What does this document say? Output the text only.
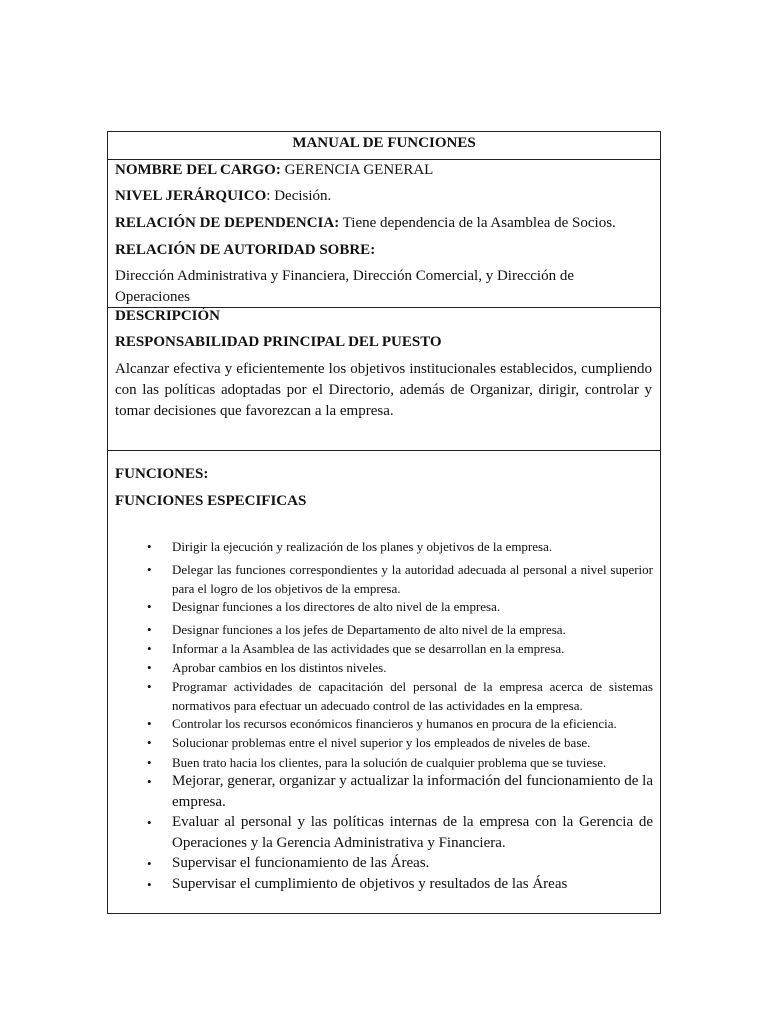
MANUAL DE FUNCIONES
NOMBRE DEL CARGO: GERENCIA GENERAL
NIVEL JERÁRQUICO: Decisión.
RELACIÓN DE DEPENDENCIA: Tiene dependencia de la Asamblea de Socios.
RELACIÓN DE AUTORIDAD SOBRE:
Dirección Administrativa y Financiera, Dirección Comercial, y Dirección de
Operaciones
DESCRIPCIÓN
RESPONSABILIDAD PRINCIPAL DEL PUESTO
Alcanzar efectiva y eficientemente los objetivos institucionales establecidos, cumpliendo con las políticas adoptadas por el Directorio, además de Organizar, dirigir, controlar y tomar decisiones que favorezcan a la empresa.
FUNCIONES:
FUNCIONES ESPECIFICAS
• Dirigir la ejecución y realización de los planes y objetivos de la empresa.
• Delegar las funciones correspondientes y la autoridad adecuada al personal a nivel superior para el logro de los objetivos de la empresa.
• Designar funciones a los directores de alto nivel de la empresa.
• Designar funciones a los jefes de Departamento de alto nivel de la empresa.
• Informar a la Asamblea de las actividades que se desarrollan en la empresa.
• Aprobar cambios en los distintos niveles.
• Programar actividades de capacitación del personal de la empresa acerca de sistemas normativos para efectuar un adecuado control de las actividades en la empresa.
• Controlar los recursos económicos financieros y humanos en procura de la eficiencia.
• Solucionar problemas entre el nivel superior y los empleados de niveles de base.
• Buen trato hacia los clientes, para la solución de cualquier problema que se tuviese.
• Mejorar, generar, organizar y actualizar la información del funcionamiento de la empresa.
• Evaluar al personal y las políticas internas de la empresa con la Gerencia de Operaciones y la Gerencia Administrativa y Financiera.
• Supervisar el funcionamiento de las Áreas.
• Supervisar el cumplimiento de objetivos y resultados de las Áreas
